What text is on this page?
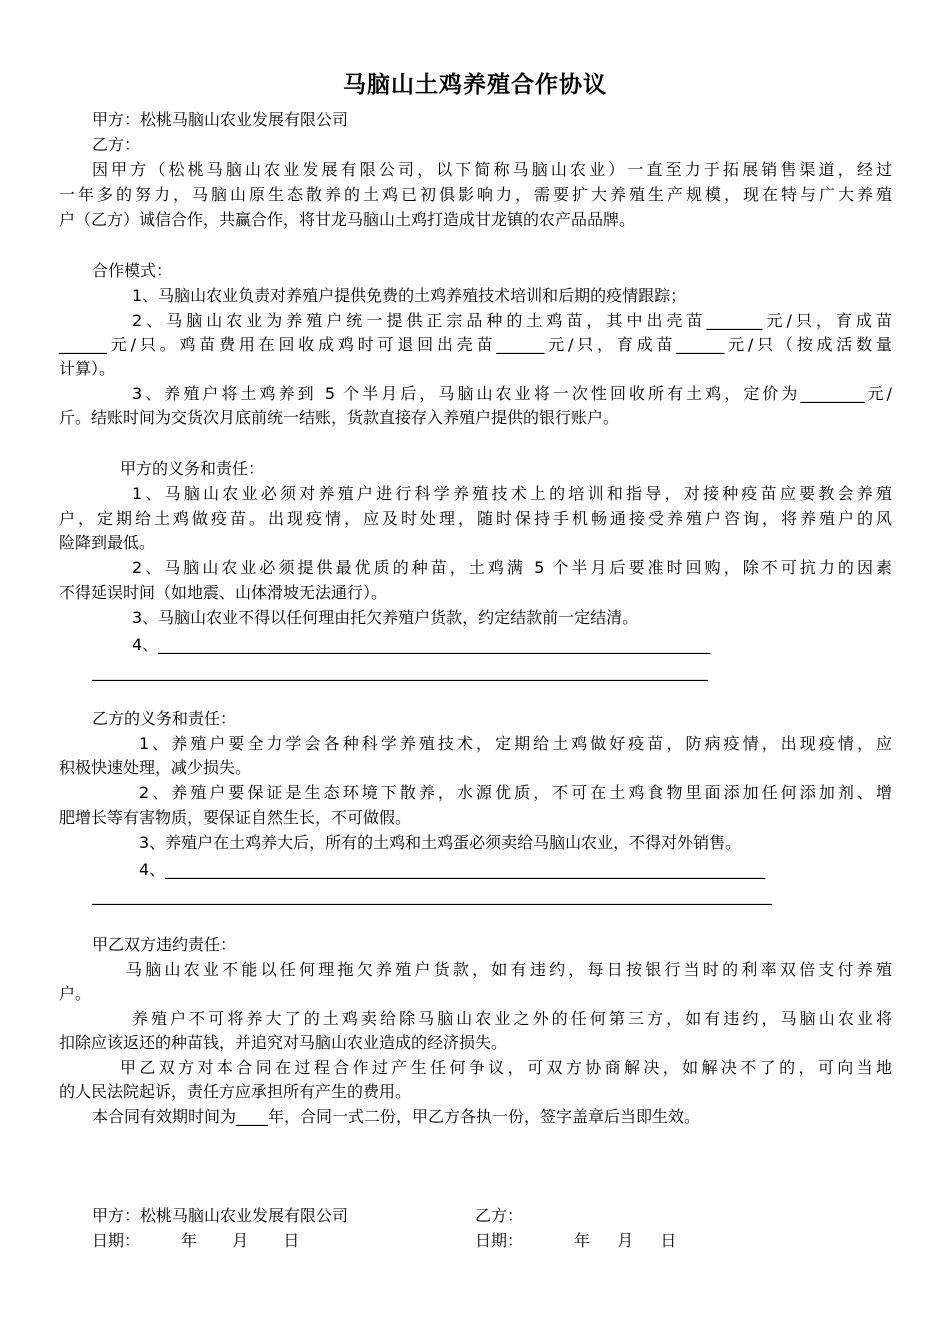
马脑山土鸡养殖合作协议
甲方：松桃马脑山农业发展有限公司
乙方：
因甲方（松桃马脑山农业发展有限公司，以下简称马脑山农业）一直至力于拓展销售渠道，经过
一年多的努力，马脑山原生态散养的土鸡已初俱影响力，需要扩大养殖生产规模，现在特与广大养殖
户（乙方）诚信合作，共赢合作，将甘龙马脑山土鸡打造成甘龙镇的农产品品牌。
合作模式：
1、马脑山农业负责对养殖户提供免费的土鸡养殖技术培训和后期的疫情跟踪；
2、马脑山农业为养殖户统一提供正宗品种的土鸡苗，其中出壳苗_______元/只，育成苗
______元/只。鸡苗费用在回收成鸡时可退回出壳苗______元/只，育成苗______元/只（按成活数量
计算）。
3、养殖户将土鸡养到 5 个半月后，马脑山农业将一次性回收所有土鸡，定价为________元/
斤。结账时间为交货次月底前统一结账，货款直接存入养殖户提供的银行账户。
甲方的义务和责任：
1、马脑山农业必须对养殖户进行科学养殖技术上的培训和指导，对接种疫苗应要教会养殖
户，定期给土鸡做疫苗。出现疫情，应及时处理，随时保持手机畅通接受养殖户咨询，将养殖户的风
险降到最低。
2、马脑山农业必须提供最优质的种苗，土鸡满 5 个半月后要准时回购，除不可抗力的因素
不得延误时间（如地震、山体滑坡无法通行）。
3、马脑山农业不得以任何理由托欠养殖户货款，约定结款前一定结清。
4、_____________________________________________________________________
_____________________________________________________________________________
乙方的义务和责任：
1、养殖户要全力学会各种科学养殖技术，定期给土鸡做好疫苗，防病疫情，出现疫情，应
积极快速处理，减少损失。
2、养殖户要保证是生态环境下散养，水源优质，不可在土鸡食物里面添加任何添加剂、增
肥增长等有害物质，要保证自然生长，不可做假。
3、养殖户在土鸡养大后，所有的土鸡和土鸡蛋必须卖给马脑山农业，不得对外销售。
4、___________________________________________________________________________
_____________________________________________________________________________________
甲乙双方违约责任：
马脑山农业不能以任何理拖欠养殖户货款，如有违约，每日按银行当时的利率双倍支付养殖
户。
养殖户不可将养大了的土鸡卖给除马脑山农业之外的任何第三方，如有违约，马脑山农业将
扣除应该返还的种苗钱，并追究对马脑山农业造成的经济损失。
甲乙双方对本合同在过程合作过产生任何争议，可双方协商解决，如解决不了的，可向当地
的人民法院起诉，责任方应承担所有产生的费用。
本合同有效期时间为____年，合同一式二份，甲乙方各执一份，签字盖章后当即生效。
甲方：松桃马脑山农业发展有限公司	乙方：
日期：	年 月 日	日期：	年 月 日
